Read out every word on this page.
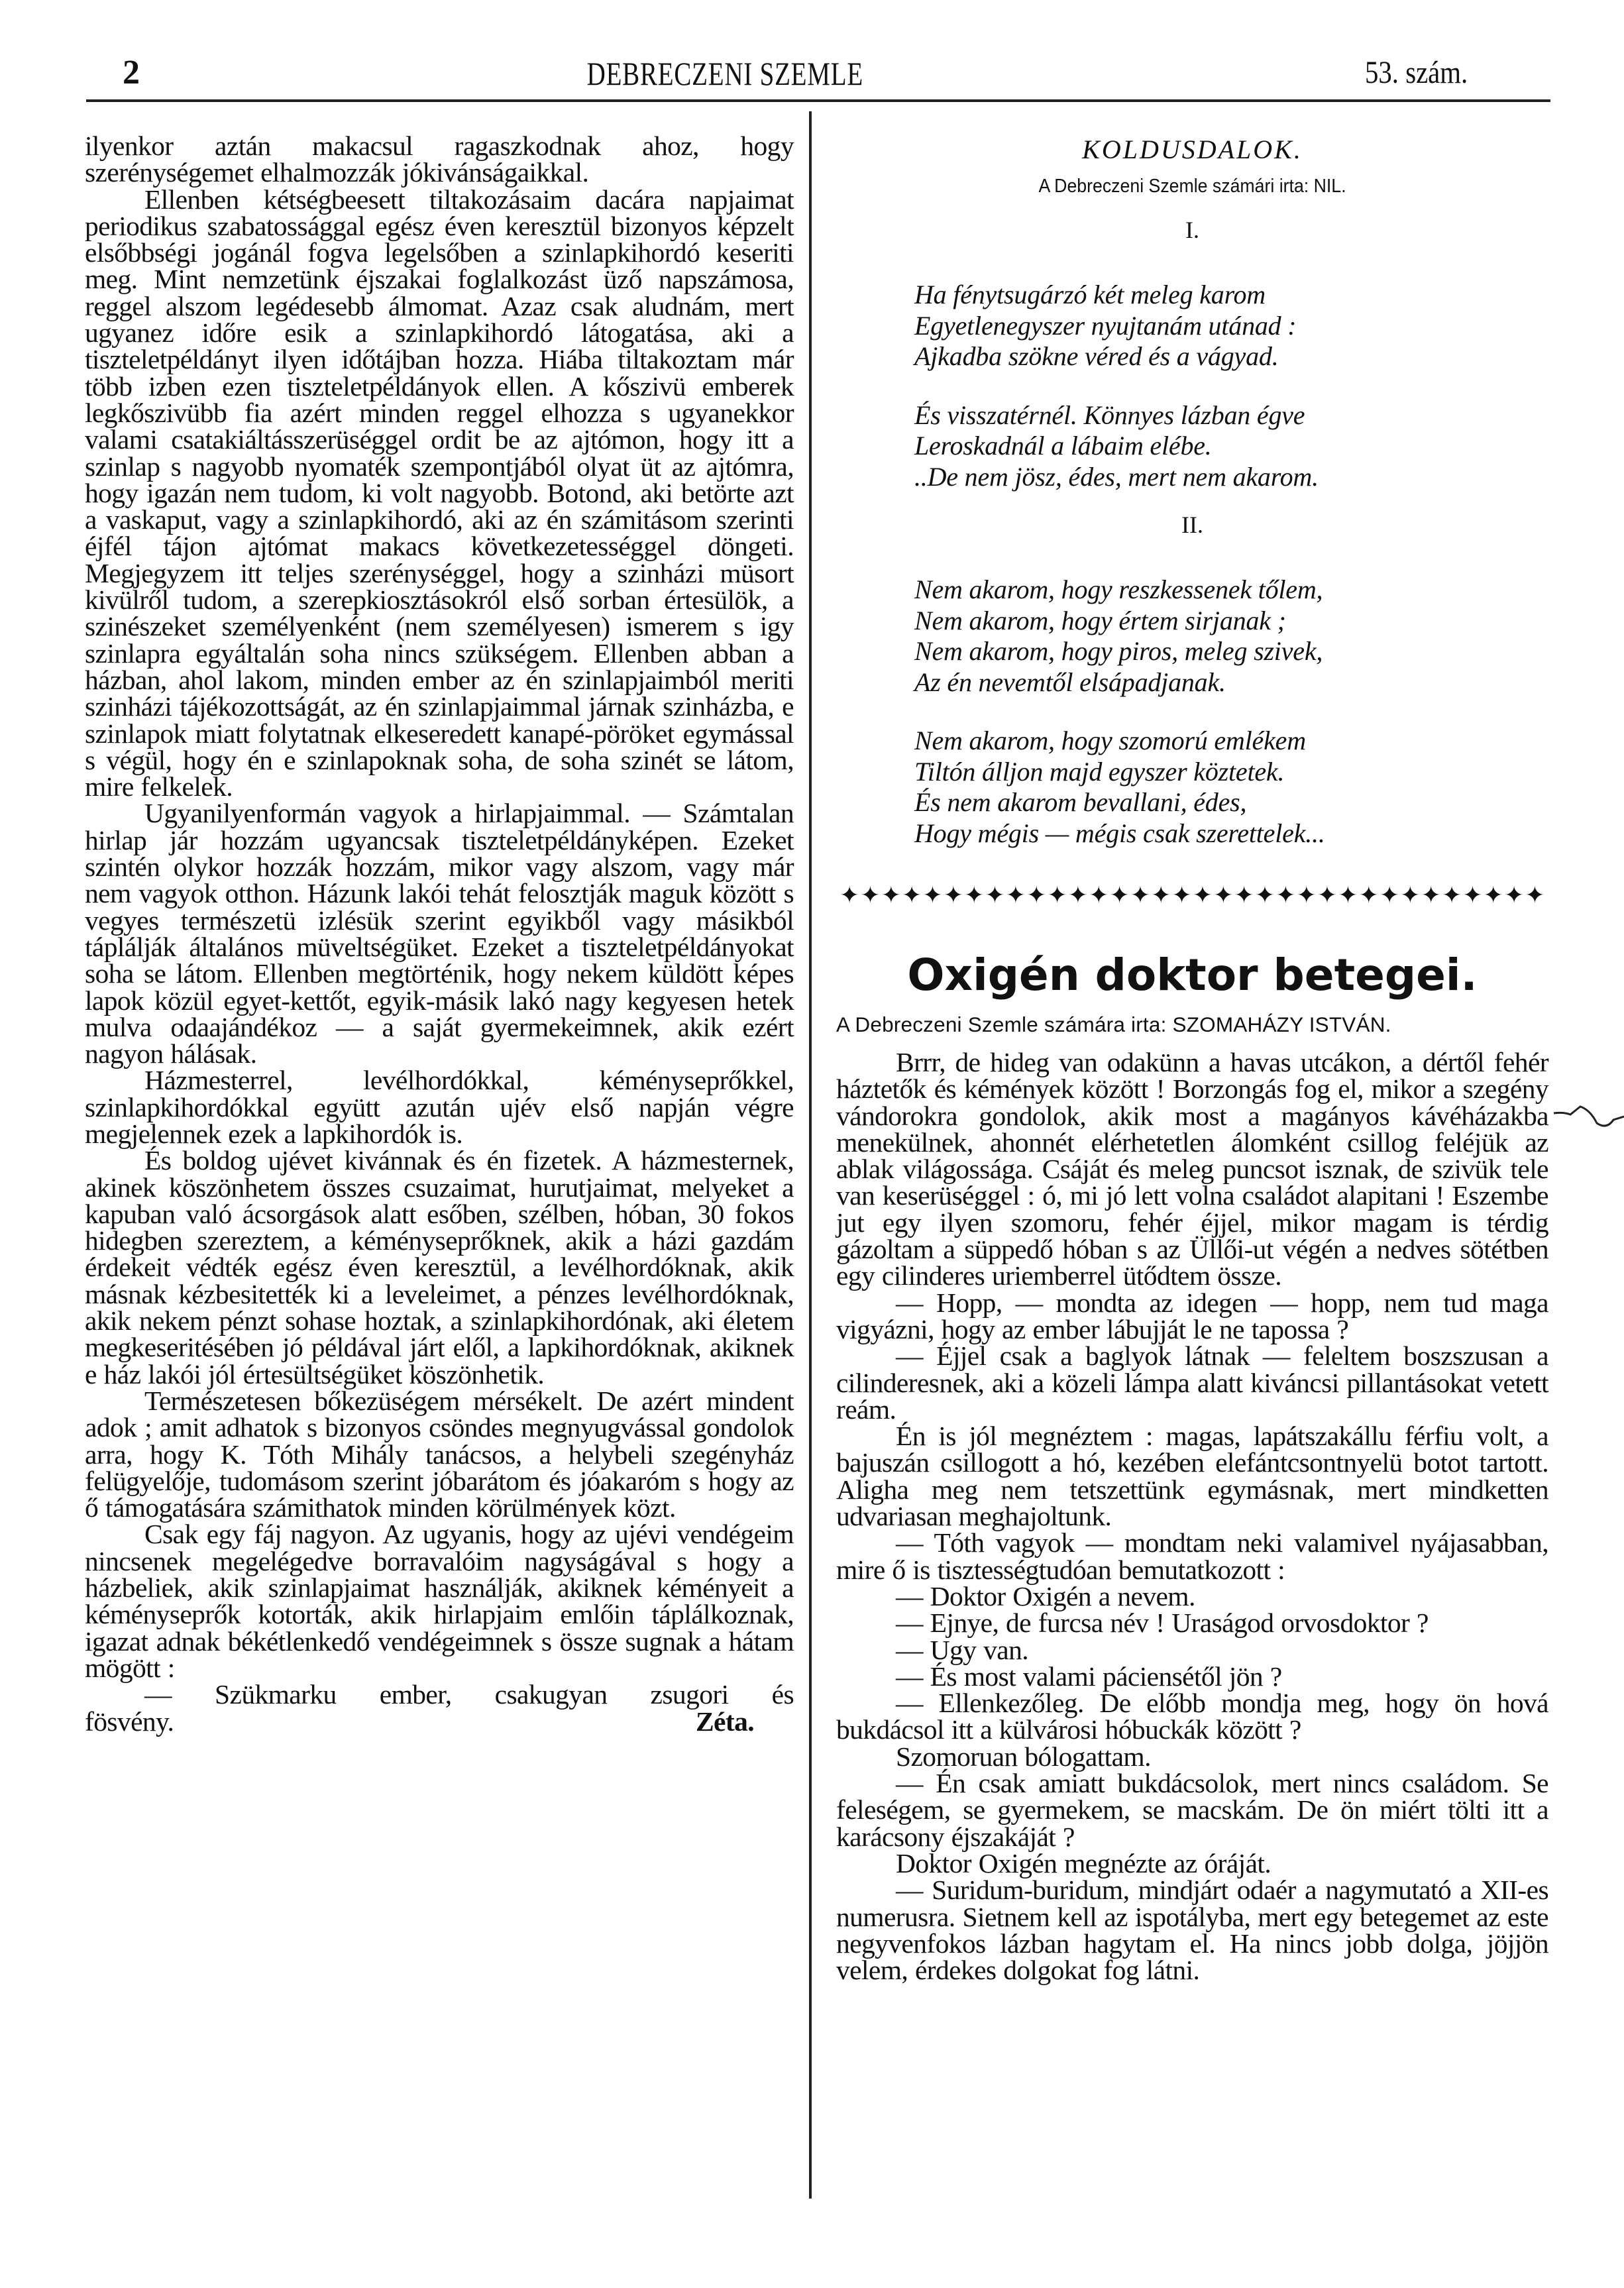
2	DEBRECZENI SZEMLE	53. szám.

ilyenkor aztán makacsul ragaszkodnak ahoz, hogy szerénységemet elhalmozzák jókivánságaikkal.

Ellenben kétségbeesett tiltakozásaim dacára napjaimat periodikus szabatossággal egész éven keresztül bizonyos képzelt elsőbbségi jogánál fogva legelsőben a szinlapkihordó keseriti meg. Mint nemzetünk éjszakai foglalkozást üző napszámosa, reggel alszom legédesebb álmomat. Azaz csak aludnám, mert ugyanez időre esik a szinlapkihordó látogatása, aki a tiszteletpéldányt ilyen időtájban hozza. Hiába tiltakoztam már több izben ezen tiszteletpéldányok ellen. A kőszivü emberek legkőszivübb fia azért minden reggel elhozza s ugyanekkor valami csatakiáltásszerüséggel ordit be az ajtómon, hogy itt a szinlap s nagyobb nyomaték szempontjából olyat üt az ajtómra, hogy igazán nem tudom, ki volt nagyobb. Botond, aki betörte azt a vaskaput, vagy a szinlapkihordó, aki az én számitásom szerinti éjfél tájon ajtómat makacs következetességgel döngeti. Megjegyzem itt teljes szerénységgel, hogy a szinházi müsort kivülről tudom, a szerepkiosztásokról első sorban értesülök, a szinészeket személyenként (nem személyesen) ismerem s igy szinlapra egyáltalán soha nincs szükségem. Ellenben abban a házban, ahol lakom, minden ember az én szinlapjaimból meriti szinházi tájékozottságát, az én szinlapjaimmal járnak szinházba, e szinlapok miatt folytatnak elkeseredett kanapé-pöröket egymással s végül, hogy én e szinlapoknak soha, de soha szinét se látom, mire felkelek.

Ugyanilyenformán vagyok a hirlapjaimmal. — Számtalan hirlap jár hozzám ugyancsak tiszteletpéldányképen. Ezeket szintén olykor hozzák hozzám, mikor vagy alszom, vagy már nem vagyok otthon. Házunk lakói tehát felosztják maguk között s vegyes természetü izlésük szerint egyikből vagy másikból táplálják általános müveltségüket. Ezeket a tiszteletpéldányokat soha se látom. Ellenben megtörténik, hogy nekem küldött képes lapok közül egyet-kettőt, egyik-másik lakó nagy kegyesen hetek mulva odaajándékoz — a saját gyermekeimnek, akik ezért nagyon hálásak.

Házmesterrel, levélhordókkal, kéményseprőkkel, szinlapkihordókkal együtt azután ujév első napján végre megjelennek ezek a lapkihordók is.

És boldog ujévet kivánnak és én fizetek. A házmesternek, akinek köszönhetem összes csuzaimat, hurutjaimat, melyeket a kapuban való ácsorgások alatt esőben, szélben, hóban, 30 fokos hidegben szereztem, a kéményseprőknek, akik a házi gazdám érdekeit védték egész éven keresztül, a levélhordóknak, akik másnak kézbesitették ki a leveleimet, a pénzes levélhordóknak, akik nekem pénzt sohase hoztak, a szinlapkihordónak, aki életem megkeseritésében jó példával járt elől, a lapkihordóknak, akiknek e ház lakói jól értesültségüket köszönhetik.

Természetesen bőkezüségem mérsékelt. De azért mindent adok ; amit adhatok s bizonyos csöndes megnyugvással gondolok arra, hogy K. Tóth Mihály tanácsos, a helybeli szegényház felügyelője, tudomásom szerint jóbarátom és jóakaróm s hogy az ő támogatására számithatok minden körülmények közt.

Csak egy fáj nagyon. Az ugyanis, hogy az ujévi vendégeim nincsenek megelégedve borravalóim nagyságával s hogy a házbeliek, akik szinlapjaimat használják, akiknek kéményeit a kéményseprők kotorták, akik hirlapjaim emlőin táplálkoznak, igazat adnak békétlenkedő vendégeimnek s össze sugnak a hátam mögött :

— Szükmarku ember, csakugyan zsugori és

fösvény.	Zéta.
KOLDUSDALOK.
A Debreczeni Szemle számári irta: NIL.
I.
Ha fénytsugárzó két meleg karom
Egyetlenegyszer nyujtanám utánad :
Ajkadba szökne véred és a vágyad.
És visszatérnél. Könnyes lázban égve
Leroskadnál a lábaim elébe.
..De nem jösz, édes, mert nem akarom.
II.
Nem akarom, hogy reszkessenek tőlem,
Nem akarom, hogy értem sirjanak ;
Nem akarom, hogy piros, meleg szivek,
Az én nevemtől elsápadjanak.
Nem akarom, hogy szomorú emlékem
Tiltón álljon majd egyszer köztetek.
És nem akarom bevallani, édes,
Hogy mégis — mégis csak szerettelek...
✦ ✦ ✦ ✦ ✦ ✦ ✦ ✦ ✦ ✦ ✦ ✦ ✦ ✦ ✦ ✦ ✦ ✦ ✦ ✦ ✦ ✦ ✦ ✦ ✦ ✦ ✦ ✦ ✦ ✦ ✦ ✦ ✦ ✦
Oxigén doktor betegei.
A Debreczeni Szemle számára irta: SZOMAHÁZY ISTVÁN.

Brrr, de hideg van odakünn a havas utcákon, a dértől fehér háztetők és kémények között ! Borzongás fog el, mikor a szegény vándorokra gondolok, akik most a magányos kávéházakba menekülnek, ahonnét elérhetetlen álomként csillog feléjük az ablak világossága. Csáját és meleg puncsot isznak, de szivük tele van keserüséggel : ó, mi jó lett volna családot alapitani ! Eszembe jut egy ilyen szomoru, fehér éjjel, mikor magam is térdig gázoltam a süppedő hóban s az Üllői-ut végén a nedves sötétben egy cilinderes uriemberrel ütődtem össze.

— Hopp, — mondta az idegen — hopp, nem tud maga vigyázni, hogy az ember lábujját le ne tapossa ?

— Éjjel csak a baglyok látnak — feleltem boszszusan a cilinderesnek, aki a közeli lámpa alatt kiváncsi pillantásokat vetett reám.

Én is jól megnéztem : magas, lapátszakállu férfiu volt, a bajuszán csillogott a hó, kezében elefántcsontnyelü botot tartott. Aligha meg nem tetszettünk egymásnak, mert mindketten udvariasan meghajoltunk.

— Tóth vagyok — mondtam neki valamivel nyájasabban, mire ő is tisztességtudóan bemutatkozott :

— Doktor Oxigén a nevem.

— Ejnye, de furcsa név ! Uraságod orvosdoktor ?

— Ugy van.

— És most valami páciensétől jön ?

— Ellenkezőleg. De előbb mondja meg, hogy ön hová bukdácsol itt a külvárosi hóbuckák között ?

Szomoruan bólogattam.

— Én csak amiatt bukdácsolok, mert nincs családom. Se feleségem, se gyermekem, se macskám. De ön miért tölti itt a karácsony éjszakáját ?

Doktor Oxigén megnézte az óráját.

— Suridum-buridum, mindjárt odaér a nagymutató a XII-es numerusra. Sietnem kell az ispotályba, mert egy betegemet az este negyvenfokos lázban hagytam el. Ha nincs jobb dolga, jöjjön velem, érdekes dolgokat fog látni.
